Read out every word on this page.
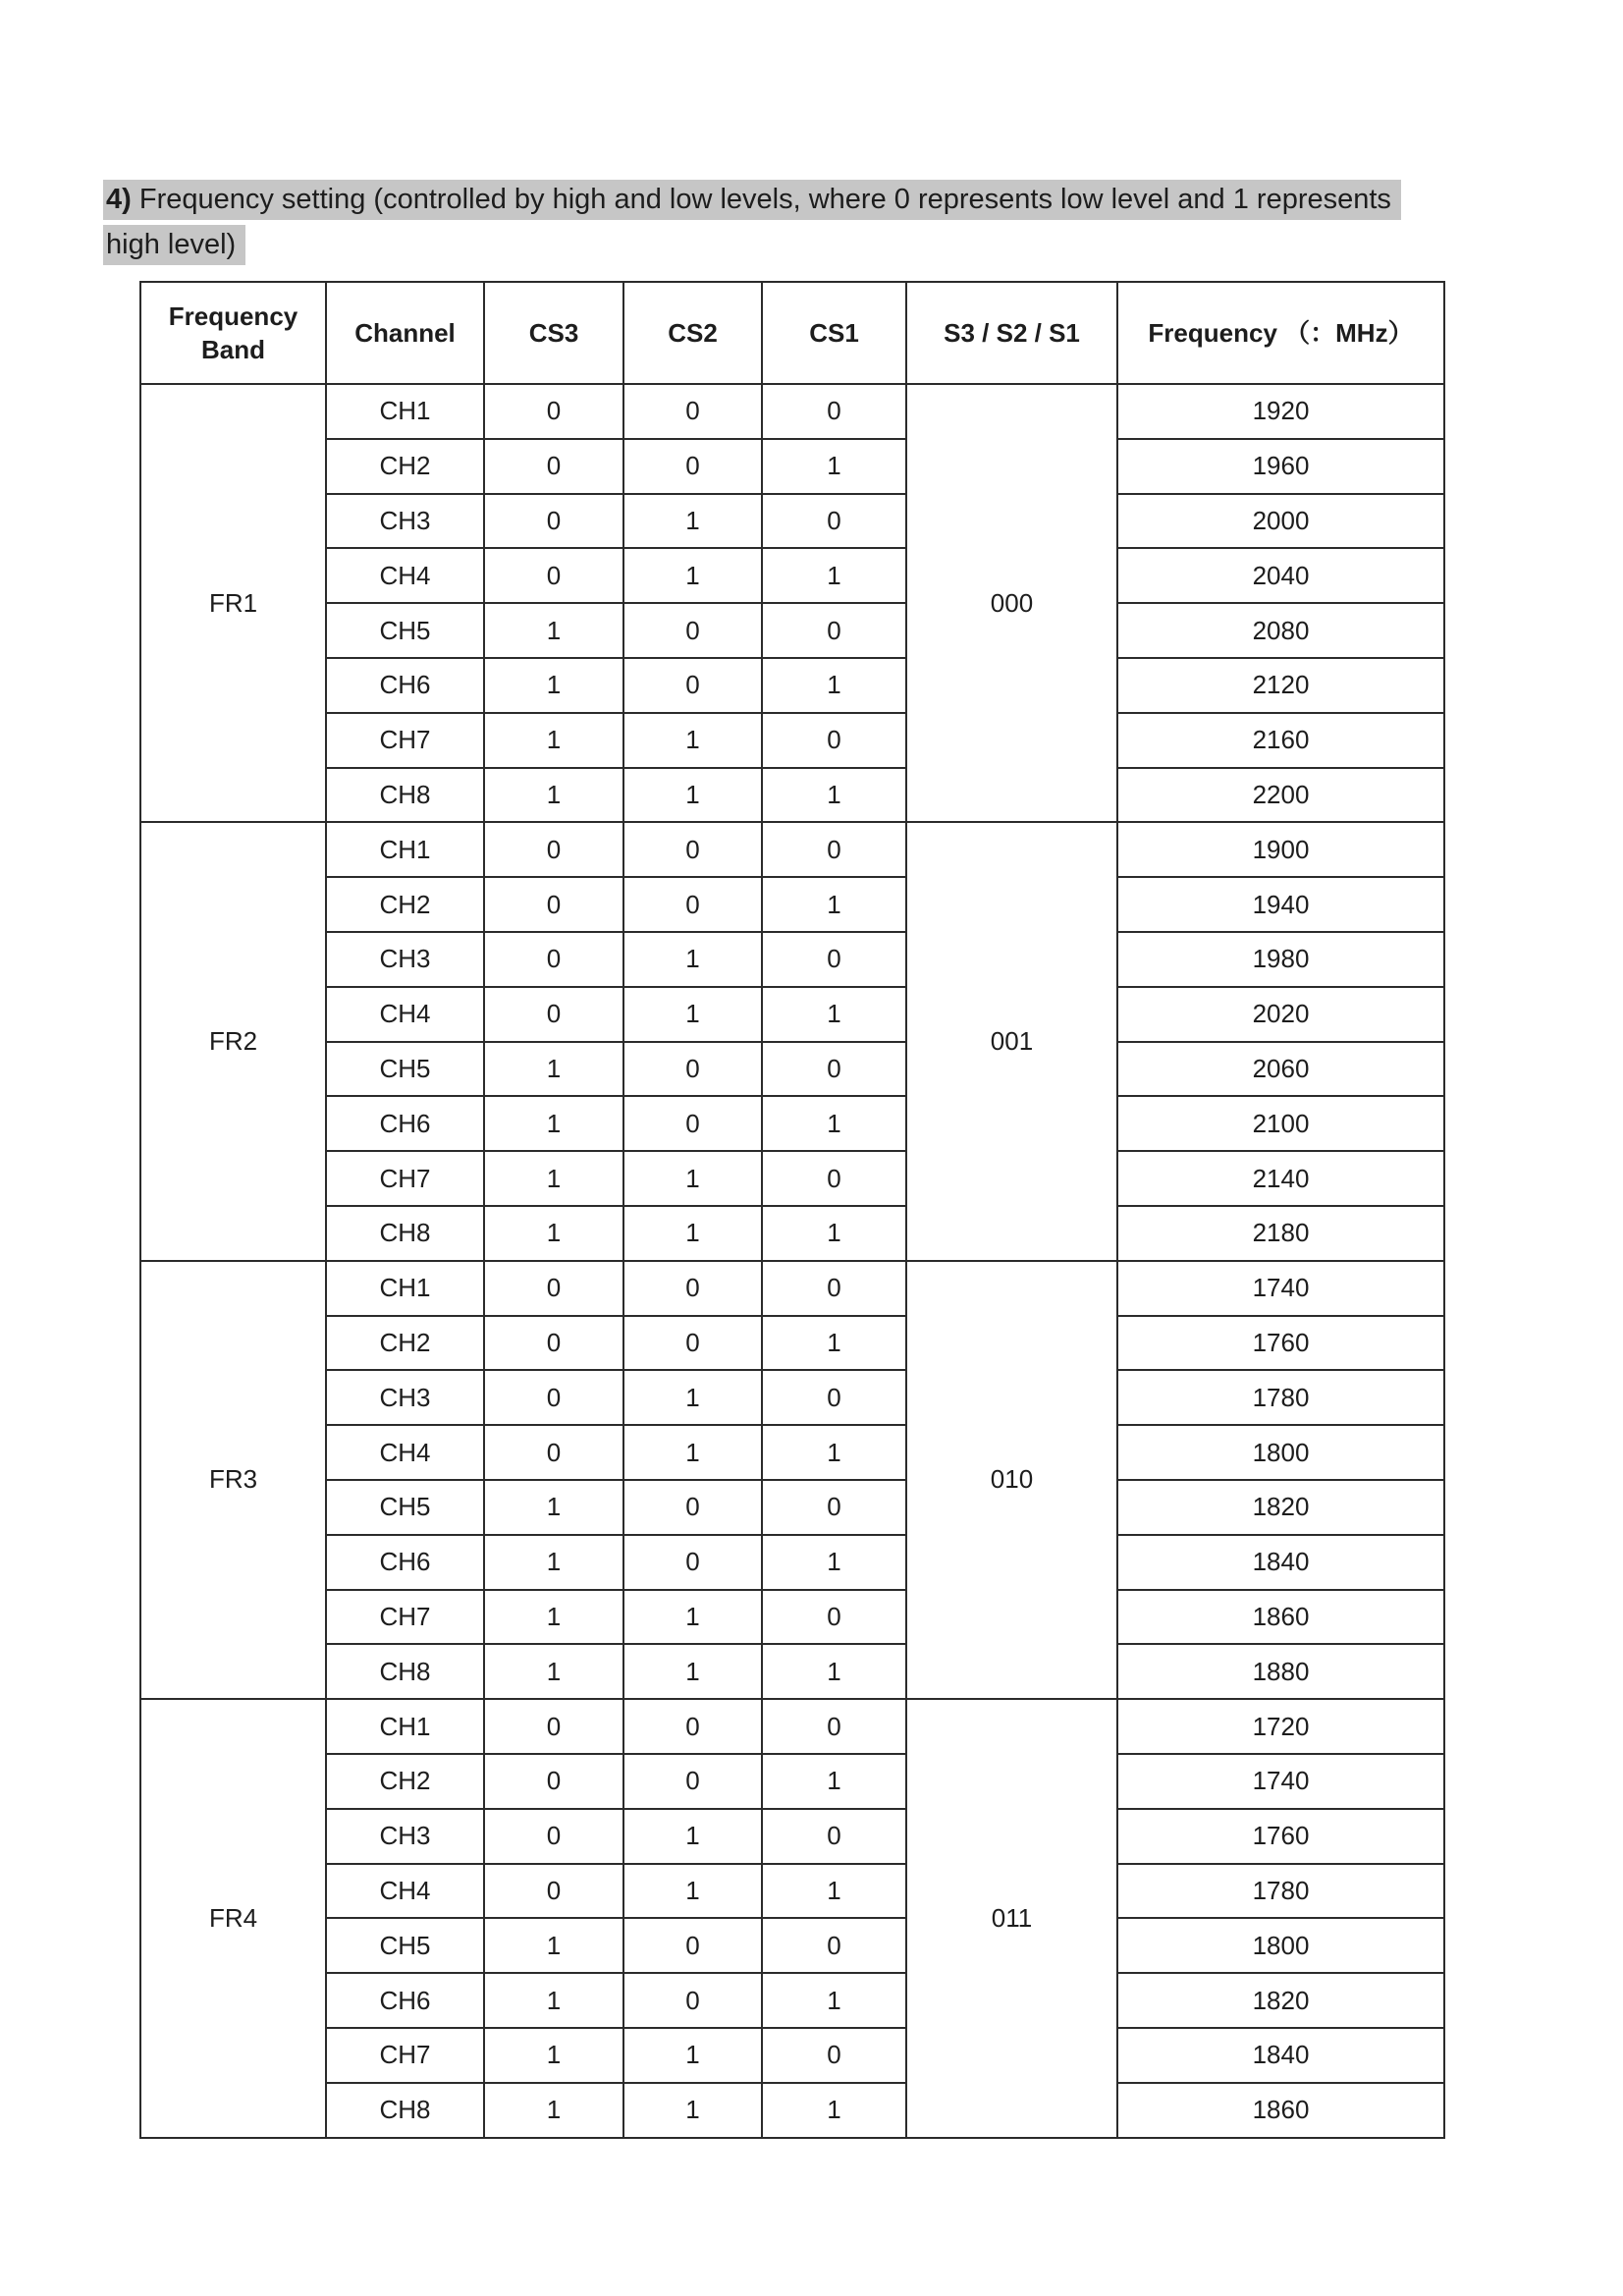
4) Frequency setting (controlled by high and low levels, where 0 represents low level and 1 represents
high level)
Frequency Band	Channel	CS3	CS2	CS1	S3 / S2 / S1	Frequency （：MHz）
FR1	CH1	0	0	0	000	1920
	CH2	0	0	1		1960
	CH3	0	1	0		2000
	CH4	0	1	1		2040
	CH5	1	0	0		2080
	CH6	1	0	1		2120
	CH7	1	1	0		2160
	CH8	1	1	1		2200
FR2	CH1	0	0	0	001	1900
	CH2	0	0	1		1940
	CH3	0	1	0		1980
	CH4	0	1	1		2020
	CH5	1	0	0		2060
	CH6	1	0	1		2100
	CH7	1	1	0		2140
	CH8	1	1	1		2180
FR3	CH1	0	0	0	010	1740
	CH2	0	0	1		1760
	CH3	0	1	0		1780
	CH4	0	1	1		1800
	CH5	1	0	0		1820
	CH6	1	0	1		1840
	CH7	1	1	0		1860
	CH8	1	1	1		1880
FR4	CH1	0	0	0	011	1720
	CH2	0	0	1		1740
	CH3	0	1	0		1760
	CH4	0	1	1		1780
	CH5	1	0	0		1800
	CH6	1	0	1		1820
	CH7	1	1	0		1840
	CH8	1	1	1		1860
